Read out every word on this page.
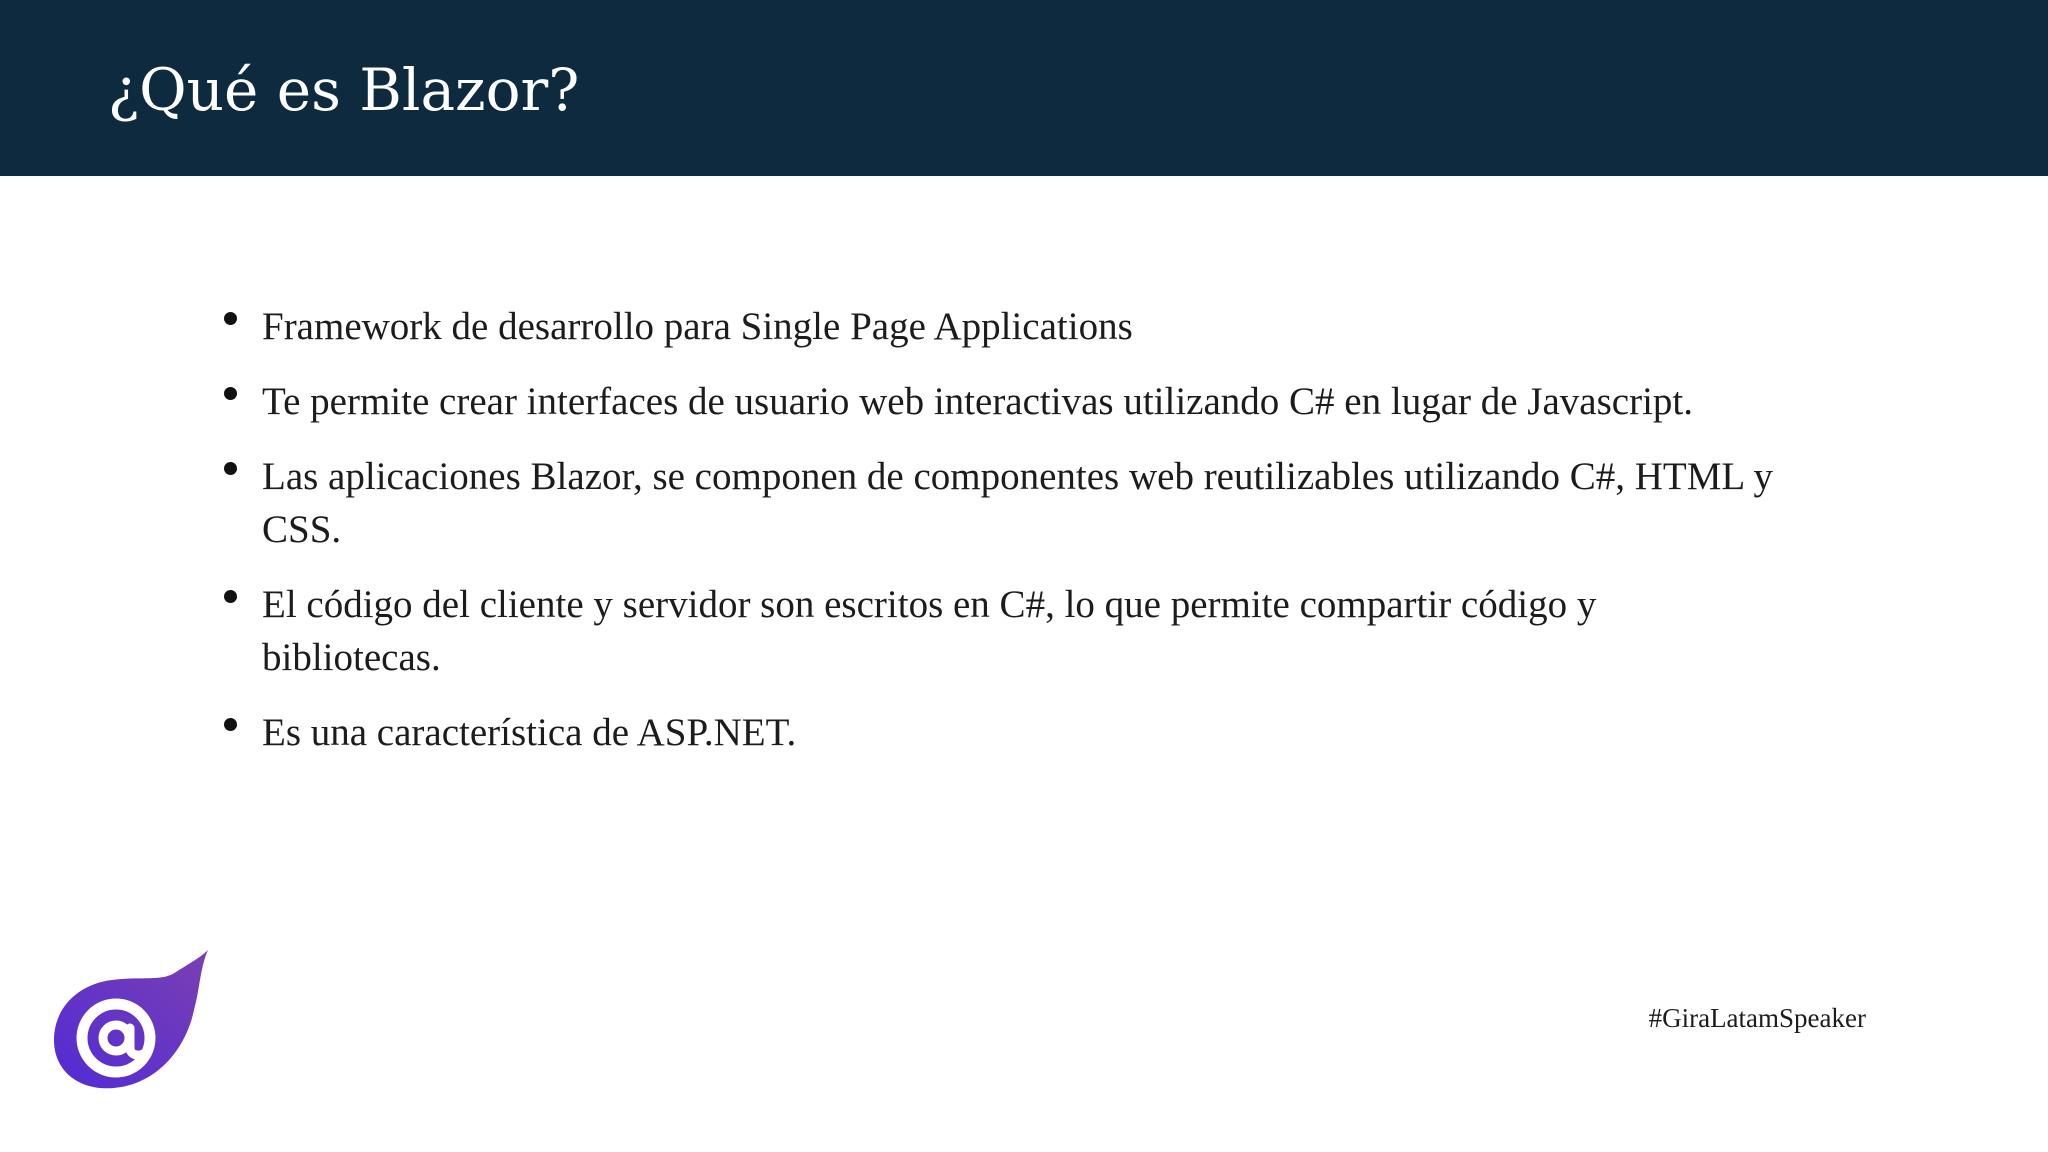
¿Qué es Blazor?
Framework de desarrollo para Single Page Applications
Te permite crear interfaces de usuario web interactivas utilizando C# en lugar de Javascript.
Las aplicaciones Blazor, se componen de componentes web reutilizables utilizando C#, HTML y CSS.
El código del cliente y servidor son escritos en C#, lo que permite compartir código y bibliotecas.
Es una característica de ASP.NET.
#GiraLatamSpeaker
